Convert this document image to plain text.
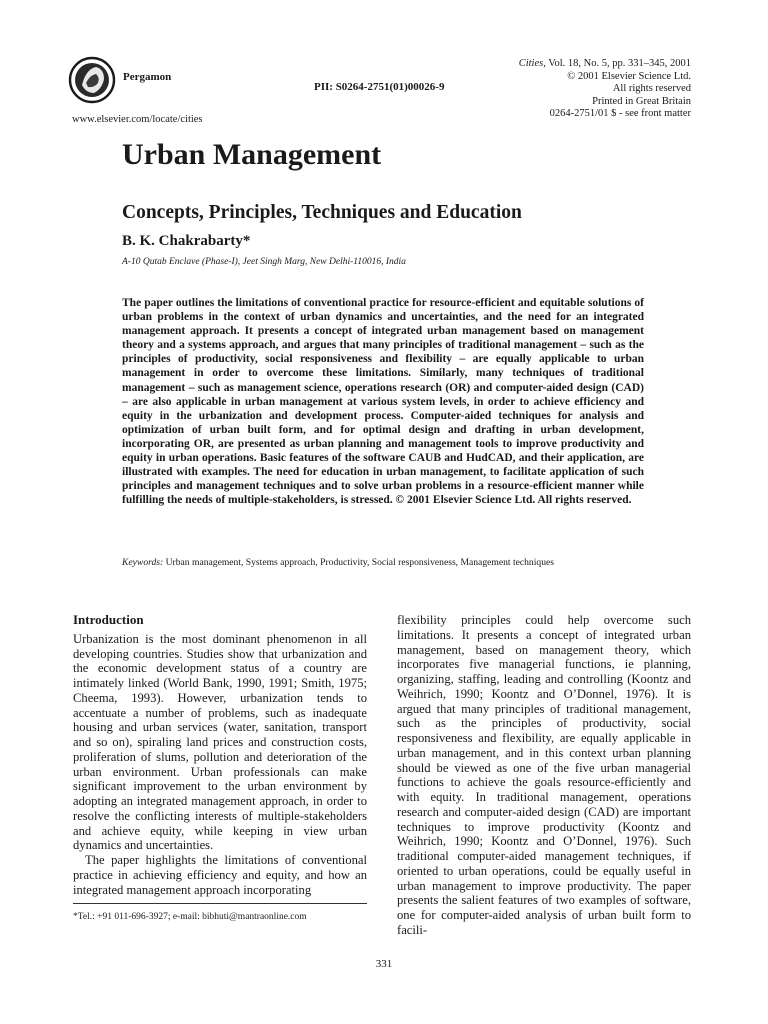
Pergamon
PII: S0264-2751(01)00026-9
Cities, Vol. 18, No. 5, pp. 331–345, 2001
© 2001 Elsevier Science Ltd.
All rights reserved
Printed in Great Britain
0264-2751/01 $ - see front matter
www.elsevier.com/locate/cities
Urban Management
Concepts, Principles, Techniques and Education
B. K. Chakrabarty*
A-10 Qutab Enclave (Phase-I), Jeet Singh Marg, New Delhi-110016, India

The paper outlines the limitations of conventional practice for resource-efficient and equitable solutions of urban problems in the context of urban dynamics and uncertainties, and the need for an integrated management approach. It presents a concept of integrated urban management based on management theory and a systems approach, and argues that many principles of traditional management – such as the principles of productivity, social responsiveness and flexibility – are equally applicable to urban management in order to overcome these limitations. Similarly, many techniques of traditional management – such as management science, operations research (OR) and computer-aided design (CAD) – are also applicable in urban management at various system levels, in order to achieve efficiency and equity in the urbanization and development process. Computer-aided techniques for analysis and optimization of urban built form, and for optimal design and drafting in urban development, incorporating OR, are presented as urban planning and management tools to improve productivity and equity in urban operations. Basic features of the software CAUB and HudCAD, and their application, are illustrated with examples. The need for education in urban management, to facilitate application of such principles and management techniques and to solve urban problems in a resource-efficient manner while fulfilling the needs of multiple-stakeholders, is stressed. © 2001 Elsevier Science Ltd. All rights reserved.

Keywords: Urban management, Systems approach, Productivity, Social responsiveness, Management techniques
Introduction

Urbanization is the most dominant phenomenon in all developing countries. Studies show that urbanization and the economic development status of a country are intimately linked (World Bank, 1990, 1991; Smith, 1975; Cheema, 1993). However, urbanization tends to accentuate a number of problems, such as inadequate housing and urban services (water, sanitation, transport and so on), spiraling land prices and construction costs, proliferation of slums, pollution and deterioration of the urban environment. Urban professionals can make significant improvement to the urban environment by adopting an integrated management approach, in order to resolve the conflicting interests of multiple-stakeholders and achieve equity, while keeping in view urban dynamics and uncertainties.

The paper highlights the limitations of conventional practice in achieving efficiency and equity, and how an integrated management approach incorporating

flexibility principles could help overcome such limitations. It presents a concept of integrated urban management, based on management theory, which incorporates five managerial functions, ie planning, organizing, staffing, leading and controlling (Koontz and Weihrich, 1990; Koontz and O’Donnel, 1976). It is argued that many principles of traditional management, such as the principles of productivity, social responsiveness and flexibility, are equally applicable in urban management, and in this context urban planning should be viewed as one of the five urban managerial functions to achieve the goals resource-efficiently and with equity. In traditional management, operations research and computer-aided design (CAD) are important techniques to improve productivity (Koontz and Weihrich, 1990; Koontz and O’Donnel, 1976). Such traditional computer-aided management techniques, if oriented to urban operations, could be equally useful in urban management to improve productivity. The paper presents the salient features of two examples of software, one for computer-aided analysis of urban built form to facili-

*Tel.: +91 011-696-3927; e-mail: bibhuti@mantraonline.com
331
